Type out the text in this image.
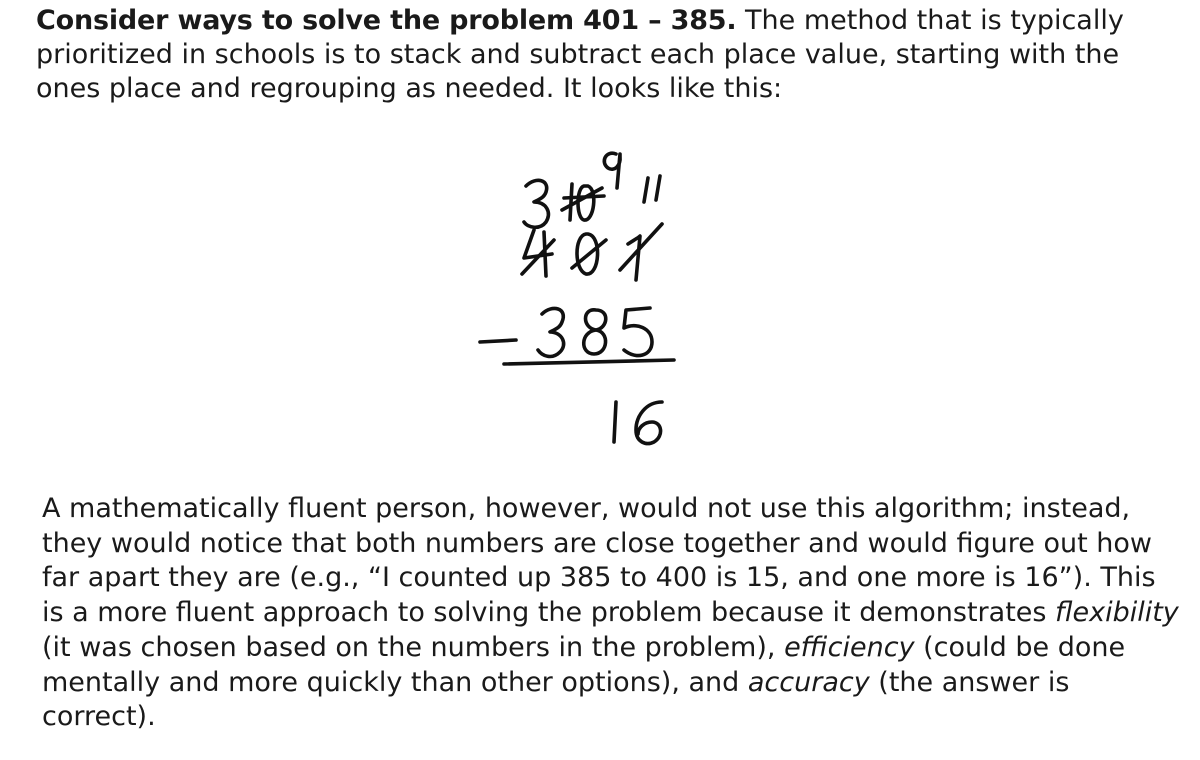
Consider ways to solve the problem 401 – 385. The method that is typically prioritized in schools is to stack and subtract each place value, starting with the ones place and regrouping as needed. It looks like this:

A mathematically fluent person, however, would not use this algorithm; instead, they would notice that both numbers are close together and would figure out how far apart they are (e.g., “I counted up 385 to 400 is 15, and one more is 16”). This is a more fluent approach to solving the problem because it demonstrates flexibility (it was chosen based on the numbers in the problem), efficiency (could be done mentally and more quickly than other options), and accuracy (the answer is correct).
